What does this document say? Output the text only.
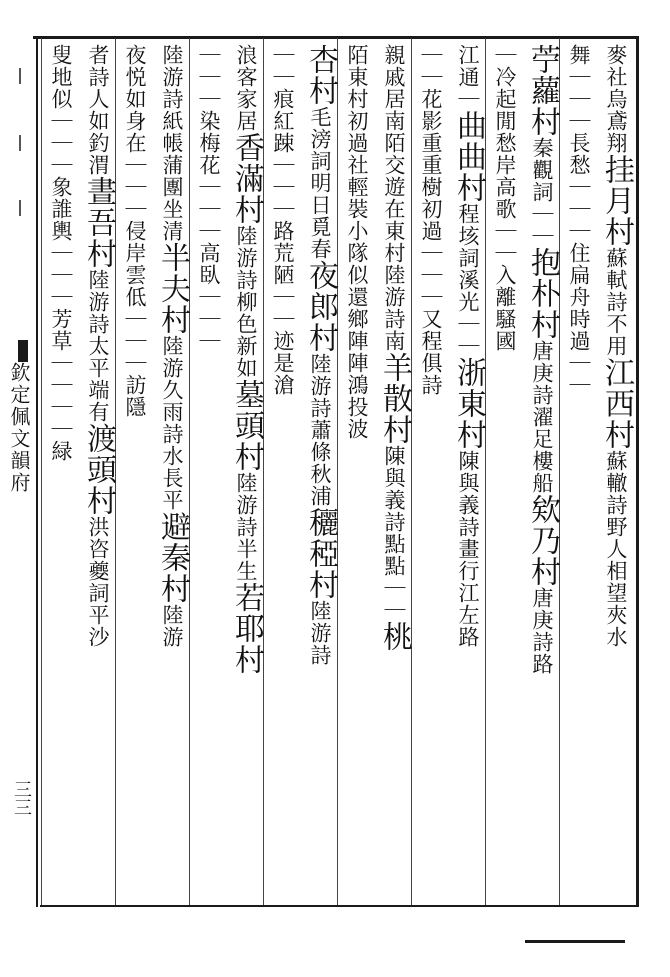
欽定佩文韻府
三三
麥社烏鳶翔挂月村蘇軾詩不用江西村蘇轍詩野人相望夾水
舞｜｜｜長愁｜｜｜住扁舟時過｜｜
苧蘿村秦觀詞｜｜抱朴村唐庚詩濯足樓船欸乃村唐庚詩路
｜冷起閒愁岸高歌｜｜入離騷國
江通｜曲曲村程垓詞溪光｜｜浙東村陳與義詩畫行江左路
｜｜花影重重樹初過｜｜｜又程俱詩
親戚居南陌交遊在東村陸游詩南羊散村陳與義詩點點｜｜桃
陌東村初過社輕裝小隊似還鄉陣陣鴻投波
杏村毛滂詞明日覓春夜郎村陸游詩蕭條秋浦穲稏村陸游詩
｜｜痕紅踈｜｜｜路荒陋｜｜迹是滄
浪客家居香滿村陸游詩柳色新如墓頭村陸游詩半生若耶村
｜｜｜染梅花｜｜｜高臥｜｜｜
陸游詩紙帳蒲團坐清半夫村陸游久雨詩水長平避秦村陸游
夜悦如身在｜｜｜侵岸雲低｜｜｜訪隱
者詩人如釣渭晝吾村陸游詩太平端有渡頭村洪咨夔詞平沙
叟地似｜｜｜象誰輿｜｜｜芳草｜｜｜｜緑
